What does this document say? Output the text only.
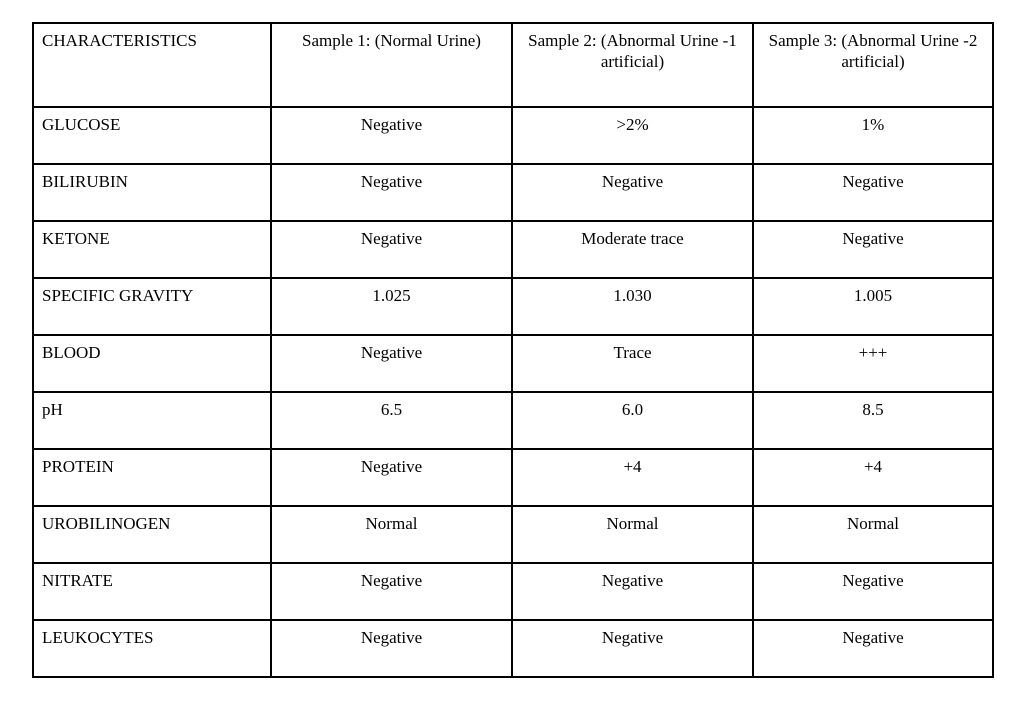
CHARACTERISTICS	Sample 1: (Normal Urine)	Sample 2: (Abnormal Urine -1 artificial)	Sample 3: (Abnormal Urine -2 artificial)
GLUCOSE	Negative	>2%	1%
BILIRUBIN	Negative	Negative	Negative
KETONE	Negative	Moderate trace	Negative
SPECIFIC GRAVITY	1.025	1.030	1.005
BLOOD	Negative	Trace	+++
pH	6.5	6.0	8.5
PROTEIN	Negative	+4	+4
UROBILINOGEN	Normal	Normal	Normal
NITRATE	Negative	Negative	Negative
LEUKOCYTES	Negative	Negative	Negative
